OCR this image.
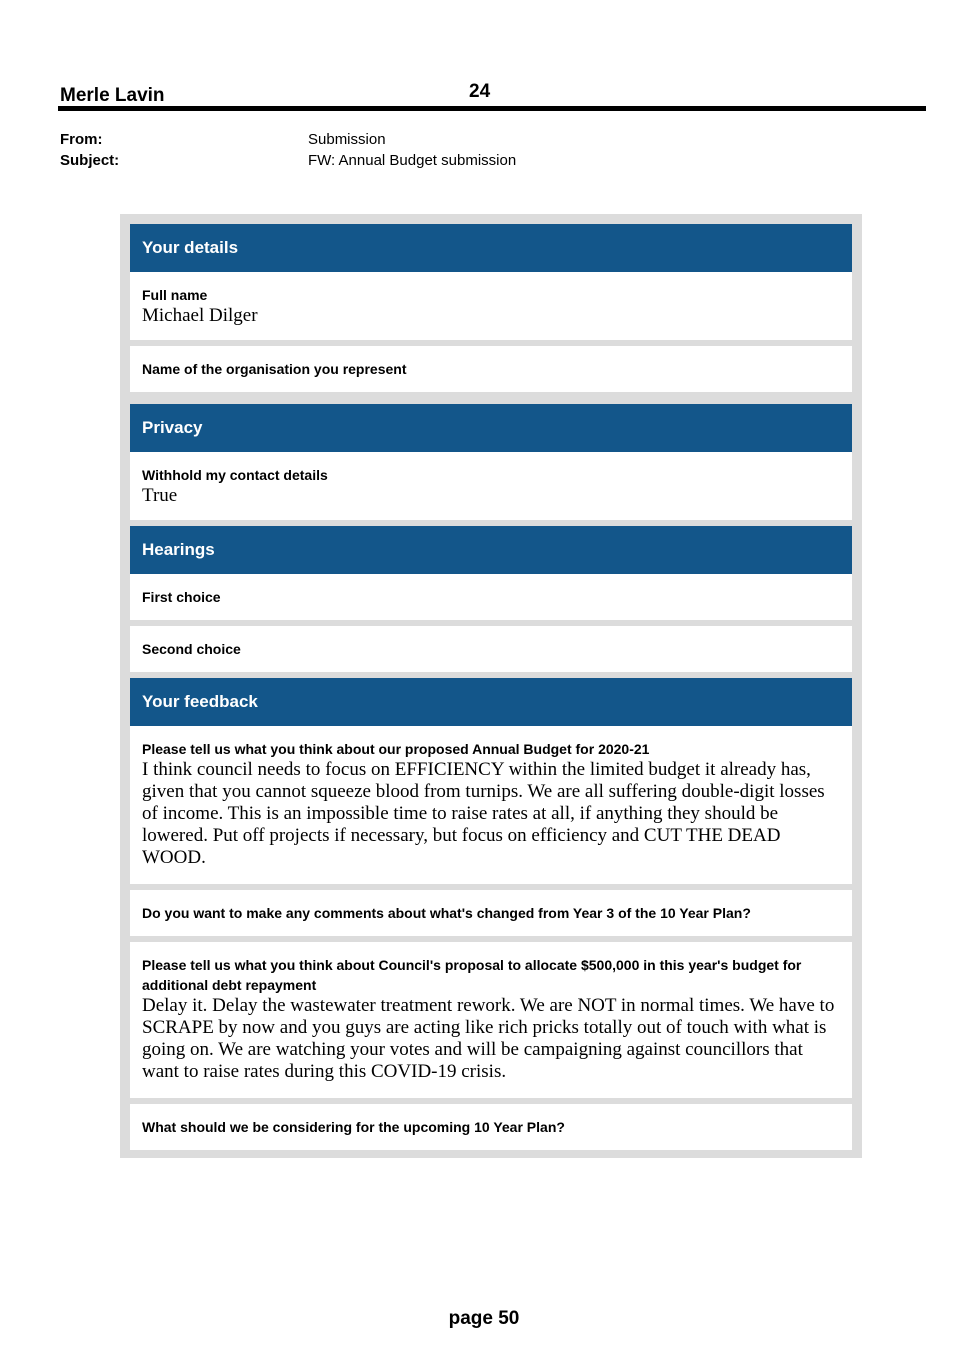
Merle Lavin	24
From:	Submission
Subject:	FW: Annual Budget submission
Your details
Full name
Michael Dilger
Name of the organisation you represent
Privacy
Withhold my contact details
True
Hearings
First choice
Second choice
Your feedback
Please tell us what you think about our proposed Annual Budget for 2020-21
I think council needs to focus on EFFICIENCY within the limited budget it already has, given that you cannot squeeze blood from turnips. We are all suffering double-digit losses of income. This is an impossible time to raise rates at all, if anything they should be lowered. Put off projects if necessary, but focus on efficiency and CUT THE DEAD WOOD.
Do you want to make any comments about what's changed from Year 3 of the 10 Year Plan?
Please tell us what you think about Council's proposal to allocate $500,000 in this year's budget for additional debt repayment
Delay it. Delay the wastewater treatment rework. We are NOT in normal times. We have to SCRAPE by now and you guys are acting like rich pricks totally out of touch with what is going on. We are watching your votes and will be campaigning against councillors that want to raise rates during this COVID-19 crisis.
What should we be considering for the upcoming 10 Year Plan?
page 50
